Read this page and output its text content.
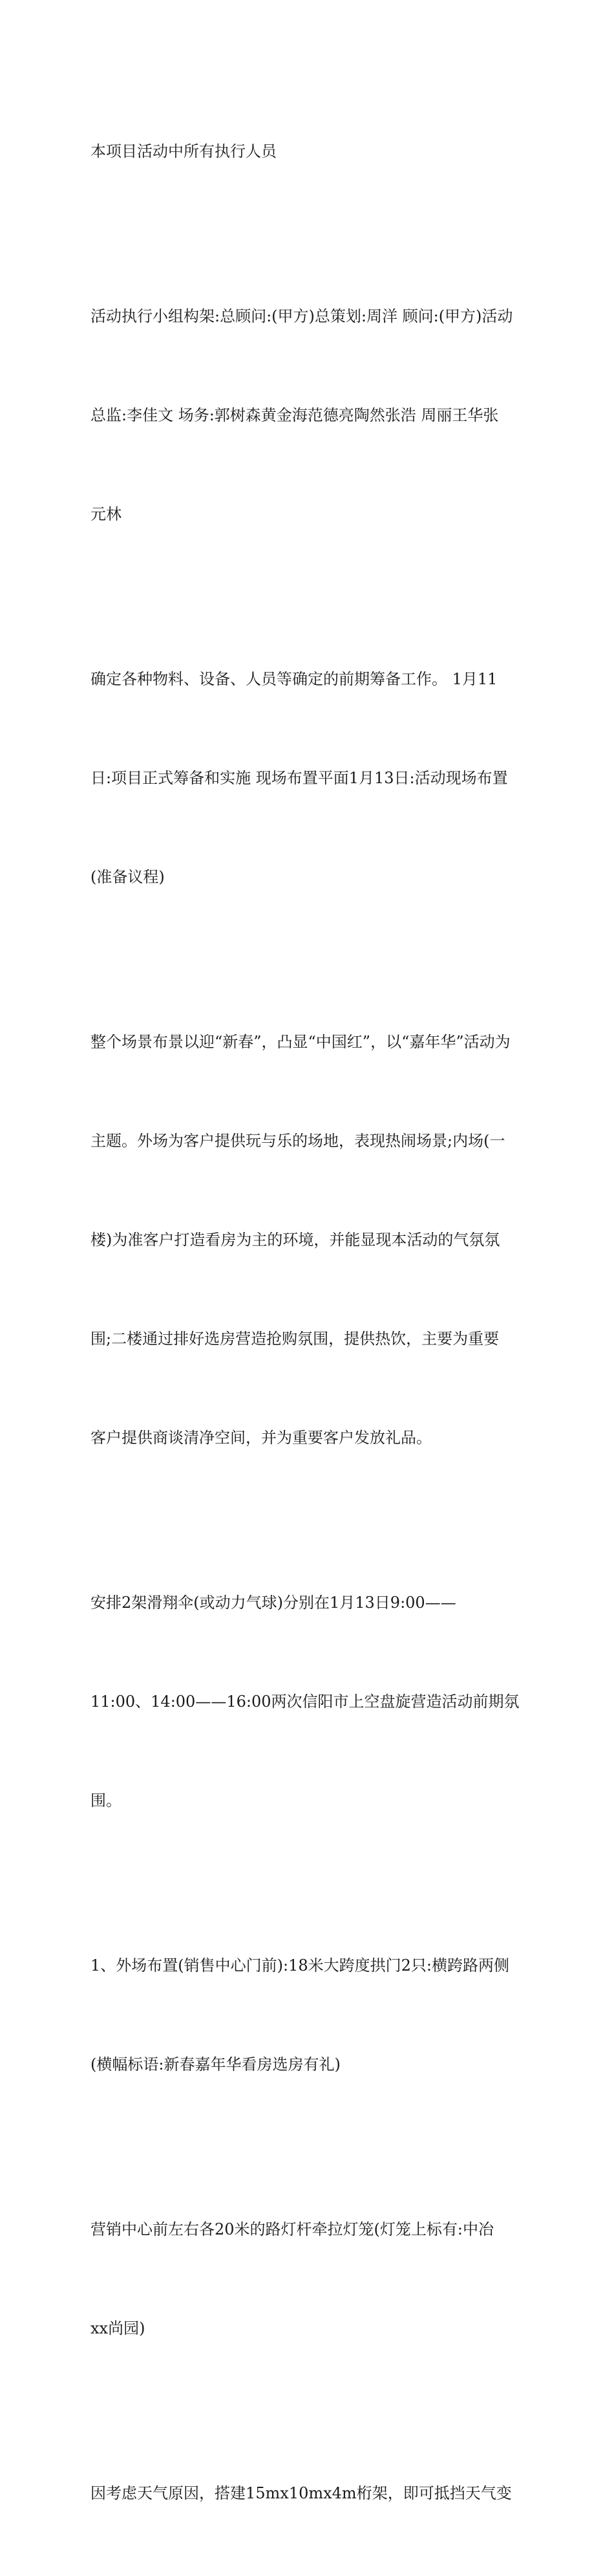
本项目活动中所有执行人员

活动执行小组构架:总顾问:(甲方)总策划:周洋 顾问:(甲方)活动

总监:李佳文 场务:郭树森黄金海范德亮陶然张浩 周丽王华张

元林

确定各种物料、设备、人员等确定的前期筹备工作。 1月11

日:项目正式筹备和实施 现场布置平面1月13日:活动现场布置

(准备议程)

整个场景布景以迎“新春”，凸显“中国红”，以“嘉年华”活动为

主题。外场为客户提供玩与乐的场地，表现热闹场景;内场(一

楼)为准客户打造看房为主的环境，并能显现本活动的气氛氛

围;二楼通过排好选房营造抢购氛围，提供热饮，主要为重要

客户提供商谈清净空间，并为重要客户发放礼品。

安排2架滑翔伞(或动力气球)分别在1月13日9:00——

11:00、14:00——16:00两次信阳市上空盘旋营造活动前期氛

围。

1、外场布置(销售中心门前):18米大跨度拱门2只:横跨路两侧

(横幅标语:新春嘉年华看房选房有礼)

营销中心前左右各20米的路灯杆牵拉灯笼(灯笼上标有:中冶

xx尚园)

因考虑天气原因，搭建15mx10mx4m桁架，即可抵挡天气变
